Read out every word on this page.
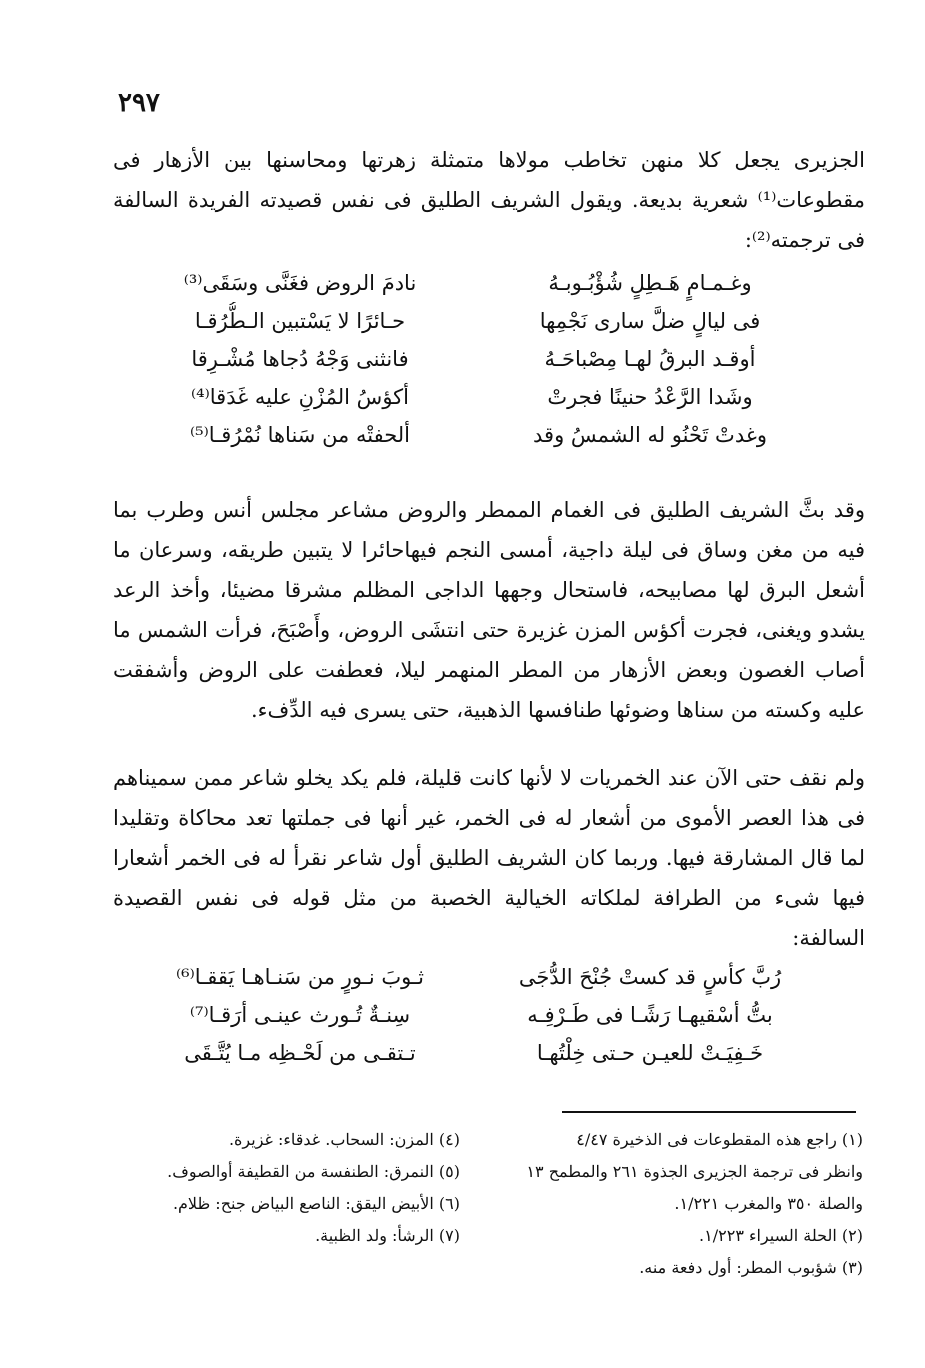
٢٩٧
الجزيرى يجعل كلا منهن تخاطب مولاها متمثلة زهرتها ومحاسنها بين الأزهار فى مقطوعات⁽¹⁾ شعرية بديعة. ويقول الشريف الطليق فى نفس قصيدته الفريدة السالفة فى ترجمته⁽²⁾:
وغـمـامٍ هَـطِلٍ شُؤْبُـوبـهُ
نادمَ الروض فغَنَّى وسَقَى⁽³⁾
فى ليالٍ ضلَّ سارى نَجْمِها
حـائرًا لا يَسْتبين الـطُّرُقـا
أوقـد البرقُ لهـا مِصْباحَـهُ
فانثنى وَجْهُ دُجاها مُشْـرِقا
وشَدا الرَّعْدُ حنينًا فجرتْ
أكؤسُ المُزْنِ عليه غَدَقا⁽⁴⁾
وغدتْ تَحْنُو له الشمسُ وقد
ألحفتْه من سَناها نُمْرُقـا⁽⁵⁾
وقد بثَّ الشريف الطليق فى الغمام الممطر والروض مشاعر مجلس أنس وطرب بما فيه من مغن وساق فى ليلة داجية، أمسى النجم فيهاحائرا لا يتبين طريقه، وسرعان ما أشعل البرق لها مصابيحه، فاستحال وجهها الداجى المظلم مشرقا مضيئا، وأخذ الرعد يشدو ويغنى، فجرت أكؤس المزن غزيرة حتى انتشَى الروض، وأَصْبَحَ، فرأت الشمس ما أصاب الغصون وبعض الأزهار من المطر المنهمر ليلا، فعطفت على الروض وأشفقت عليه وكسته من سناها وضوئها طنافسها الذهبية، حتى يسرى فيه الدِّفء.
ولم نقف حتى الآن عند الخمريات لا لأنها كانت قليلة، فلم يكد يخلو شاعر ممن سميناهم فى هذا العصر الأموى من أشعار له فى الخمر، غير أنها فى جملتها تعد محاكاة وتقليدا لما قال المشارقة فيها. وربما كان الشريف الطليق أول شاعر نقرأ له فى الخمر أشعارا فيها شىء من الطرافة لملكاته الخيالية الخصبة من مثل قوله فى نفس القصيدة السالفة:
رُبَّ كأسٍ قد كستْ جُنْحَ الدُّجَى
ثـوبَ نـورٍ من سَنـاهـا يَققـا⁽⁶⁾
بتُّ أسْقيهـا رَشًـا فى طَـرْفِـه
سِنـةٌ تُـورث عينـى أرَقـا⁽⁷⁾
خَـفِيَـتْ للعيـن حـتى خِلْتُهـا
تـتقـى من لَحْـظِه مـا يُتَّـقَى
(١) راجع هذه المقطوعات فى الذخيرة ٤/٤٧
وانظر فى ترجمة الجزيرى الجذوة ٢٦١ والمطمح ١٣
والصلة ٣٥٠ والمغرب ١/٢٢١.
(٢) الحلة السيراء ١/٢٢٣.
(٣) شؤبوب المطر: أول دفعة منه.
(٤) المزن: السحاب. غدقاء: غزيرة.
(٥) النمرق: الطنفسة من القطيفة أوالصوف.
(٦) الأبيض اليقق: الناصع البياض جنح: ظلام.
(٧) الرشأ: ولد الظبية.
